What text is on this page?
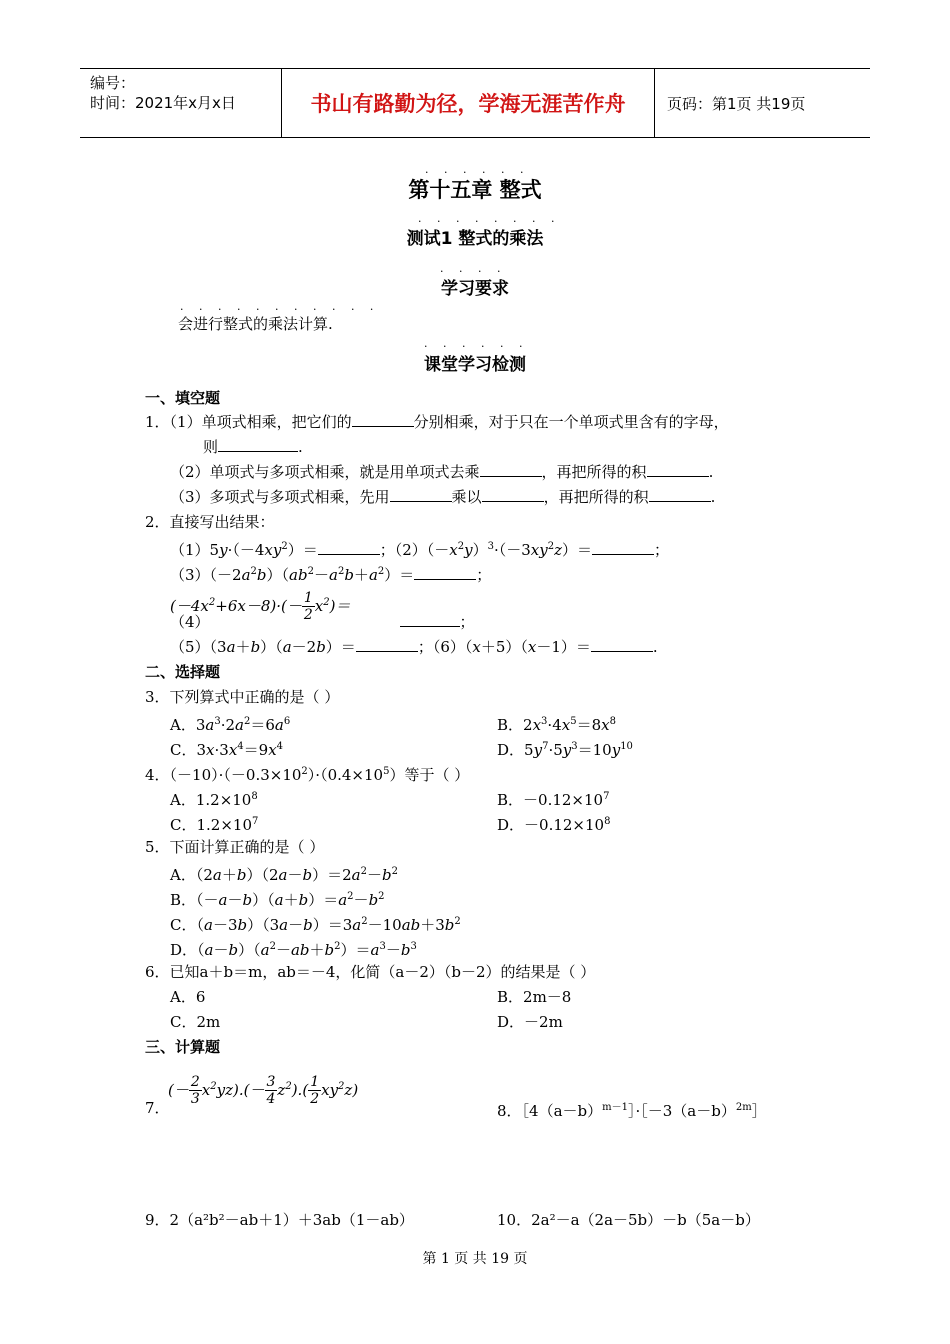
编号：
时间：2021年x月x日	书山有路勤为径，学海无涯苦作舟	页码：第1页 共19页
· · · · · ·
第十五章 整式
· · · · · · · ·
测试1 整式的乘法
· · · ·
学习要求
· · · · · · · · · · ·
会进行整式的乘法计算.
· · · · · ·
课堂学习检测
一、填空题
1．（1）单项式相乘，把它们的	分别相乘，对于只在一个单项式里含有的字母，
则	.
（2）单项式与多项式相乘，就是用单项式去乘	，再把所得的积	.
（3）多项式与多项式相乘，先用	乘以	，再把所得的积	.
2．直接写出结果：
$(1)5y\cdot(-4xy^2)=$	；$(2)(-x^2y)^3\cdot(-3xy^2z)=$	；
$(3)(-2a^2b)(ab^2-a^2b+a^2)=$	；
$(-4x^2+6x-8)\cdot(- \frac{1}{2} x^2)=$
（4）	；
（5）（3a＋b）（a－2b）＝	；（6）（x＋5）（x－1）＝	.
二、选择题
3．下列算式中正确的是（ ）
A．$3a^3\cdot 2a^2=6a^6$	B．$2x^3\cdot 4x^5=8x^8$
C．$3x\cdot 3x^4=9x^4$	D．$5y^7\cdot 5y^3=10y^{10}$
4．$(-10)\cdot(-0.3\times 10^2)\cdot(0.4\times 10^5)$等于（ ）
A．$1.2\times 10^8$	B．$-0.12\times 10^7$
C．$1.2\times 10^7$	D．$-0.12\times 10^8$
5．下面计算正确的是（ ）
A．$(2a+b)(2a-b)=2a^2-b^2$
B．$(-a-b)(a+b)=a^2-b^2$
C．$(a-3b)(3a-b)=3a^2-10ab+3b^2$
D．$(a-b)(a^2-ab+b^2)=a^3-b^3$
6．已知a＋b＝m，ab＝－4，化简（a－2）（b－2）的结果是（ ）
A．6	B．2m－8
C．2m	D．－2m
三、计算题
7．
(－ $\frac{2}{3} x^2yz).(- \frac{3}{4} z^2).( \frac{1}{2} xy^2z)$
8．$[4(a-b)^{m-1}]\cdot[-3(a-b)^{2m}]$
9．2（a²b²－ab＋1）＋3ab（1－ab）	10．2a²－a（2a－5b）－b（5a－b）
第 1 页 共 19 页
